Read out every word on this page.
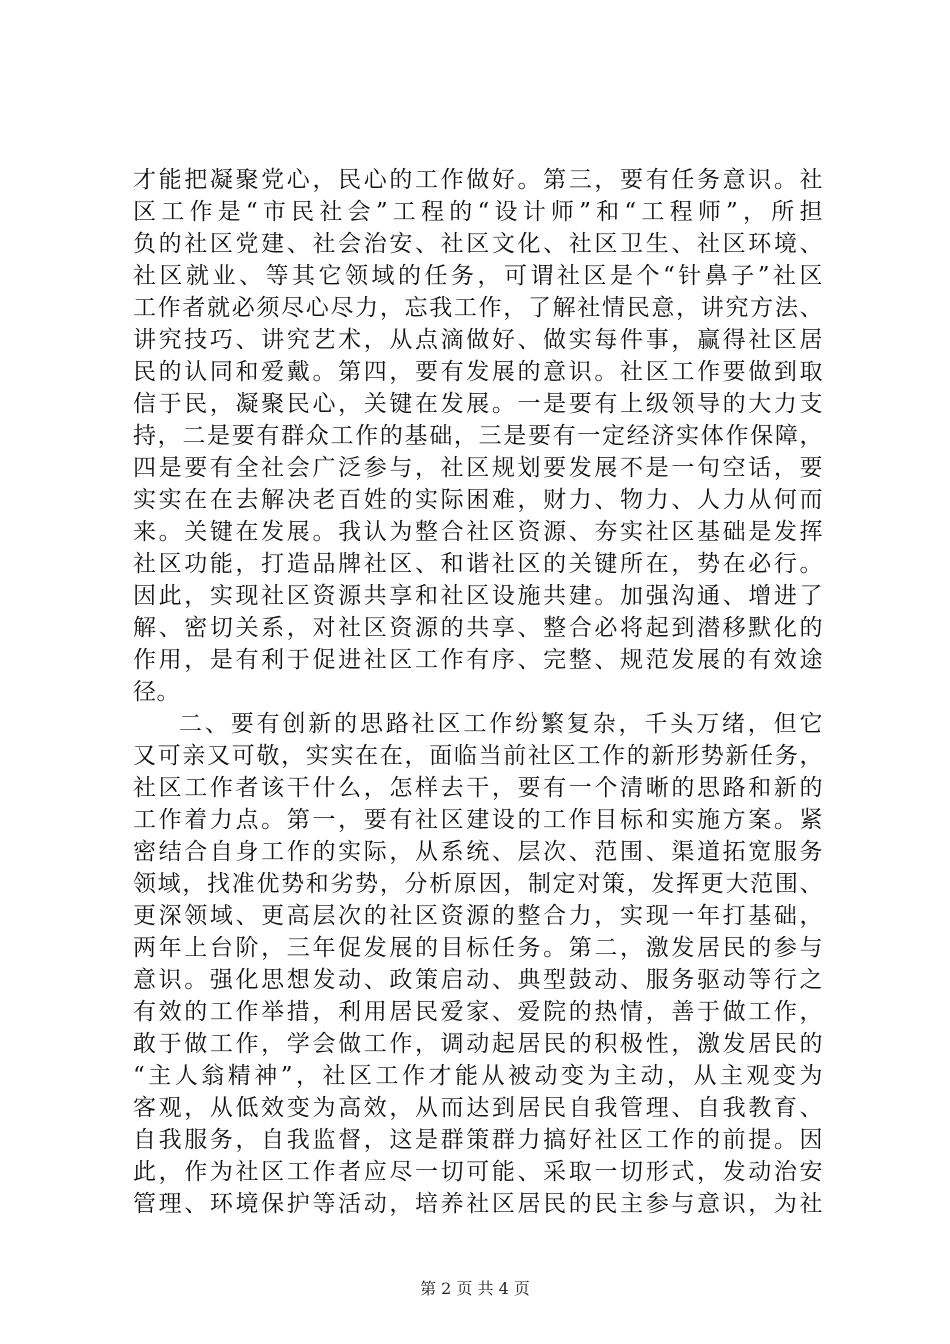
才能把凝聚党心，民心的工作做好。第三，要有任务意识。社
区工作是“市民社会”工程的“设计师”和“工程师”，所担
负的社区党建、社会治安、社区文化、社区卫生、社区环境、
社区就业、等其它领域的任务，可谓社区是个“针鼻子”社区
工作者就必须尽心尽力，忘我工作，了解社情民意，讲究方法、
讲究技巧、讲究艺术，从点滴做好、做实每件事，赢得社区居
民的认同和爱戴。第四，要有发展的意识。社区工作要做到取
信于民，凝聚民心，关键在发展。一是要有上级领导的大力支
持，二是要有群众工作的基础，三是要有一定经济实体作保障，
四是要有全社会广泛参与，社区规划要发展不是一句空话，要
实实在在去解决老百姓的实际困难，财力、物力、人力从何而
来。关键在发展。我认为整合社区资源、夯实社区基础是发挥
社区功能，打造品牌社区、和谐社区的关键所在，势在必行。
因此，实现社区资源共享和社区设施共建。加强沟通、增进了
解、密切关系，对社区资源的共享、整合必将起到潜移默化的
作用，是有利于促进社区工作有序、完整、规范发展的有效途
径。
二、要有创新的思路社区工作纷繁复杂，千头万绪，但它
又可亲又可敬，实实在在，面临当前社区工作的新形势新任务，
社区工作者该干什么，怎样去干，要有一个清晰的思路和新的
工作着力点。第一，要有社区建设的工作目标和实施方案。紧
密结合自身工作的实际，从系统、层次、范围、渠道拓宽服务
领域，找准优势和劣势，分析原因，制定对策，发挥更大范围、
更深领域、更高层次的社区资源的整合力，实现一年打基础，
两年上台阶，三年促发展的目标任务。第二，激发居民的参与
意识。强化思想发动、政策启动、典型鼓动、服务驱动等行之
有效的工作举措，利用居民爱家、爱院的热情，善于做工作，
敢于做工作，学会做工作，调动起居民的积极性，激发居民的
“主人翁精神”，社区工作才能从被动变为主动，从主观变为
客观，从低效变为高效，从而达到居民自我管理、自我教育、
自我服务，自我监督，这是群策群力搞好社区工作的前提。因
此，作为社区工作者应尽一切可能、采取一切形式，发动治安
管理、环境保护等活动，培养社区居民的民主参与意识，为社
第 2 页 共 4 页
